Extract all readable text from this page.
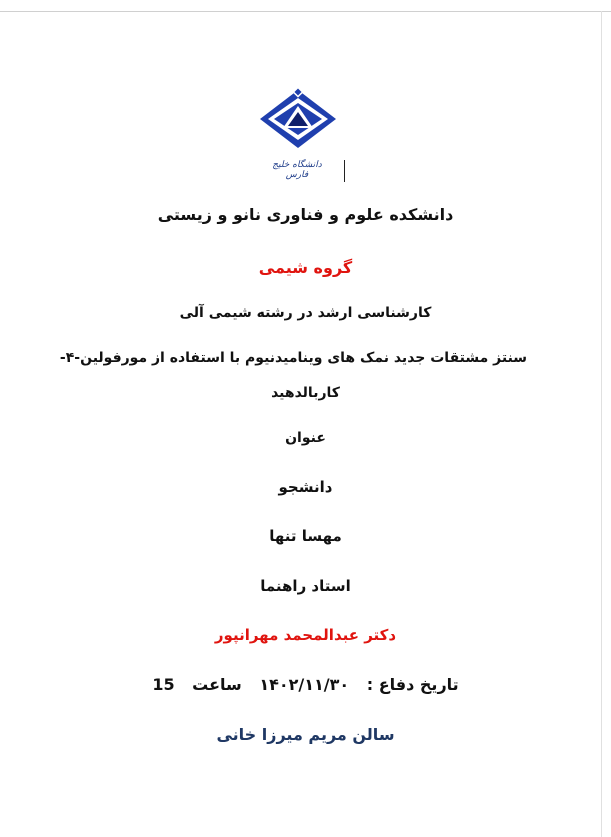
دانشگاه خلیج فارس
دانشکده علوم و فناوری نانو و زیستی
گروه شیمی
کارشناسی ارشد در رشته شیمی آلی
سنتز مشتقات جدید نمک های ویناميدنيوم با استفاده از مورفولین-۴-
کاربالدهید
عنوان
دانشجو
مهسا تنها
استاد راهنما
دکتر عبدالمحمد مهرانپور
تاریخ دفاع : ۱۴۰۲/۱۱/۳۰ ساعت 15
سالن مریم میرزا خانی
